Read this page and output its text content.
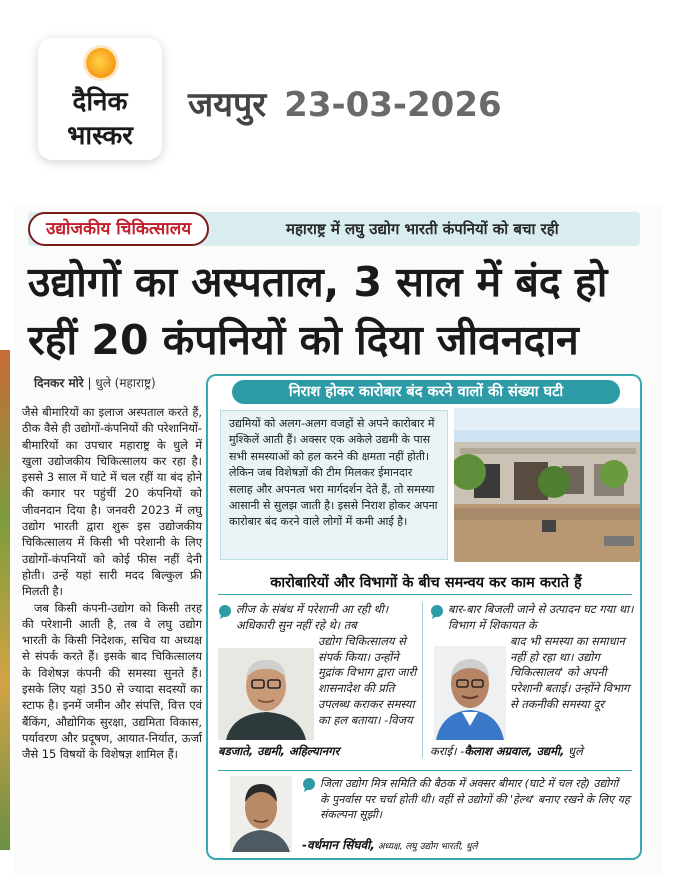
दैनिक
भास्कर
जयपुर 23-03-2026
उद्योजकीय चिकित्सालय	महाराष्ट्र में लघु उद्योग भारती कंपनियों को बचा रही
उद्योगों का अस्पताल, 3 साल में बंद हो
रहीं 20 कंपनियों को दिया जीवनदान
दिनकर मोरे | धुले (महाराष्ट्र)

जैसे बीमारियों का इलाज अस्पताल करते हैं, ठीक वैसे ही उद्योगों-कंपनियों की परेशानियों-बीमारियों का उपचार महाराष्ट्र के धुले में खुला उद्योजकीय चिकित्सालय कर रहा है। इससे 3 साल में घाटे में चल रहीं या बंद होने की कगार पर पहुंचीं 20 कंपनियों को जीवनदान दिया है। जनवरी 2023 में लघु उद्योग भारती द्वारा शुरू इस उद्योजकीय चिकित्सालय में किसी भी परेशानी के लिए उद्योगों-कंपनियों को कोई फीस नहीं देनी होती। उन्हें यहां सारी मदद बिल्कुल फ्री मिलती है।

जब किसी कंपनी-उद्योग को किसी तरह की परेशानी आती है, तब वे लघु उद्योग भारती के किसी निदेशक, सचिव या अध्यक्ष से संपर्क करते हैं। इसके बाद चिकित्सालय के विशेषज्ञ कंपनी की समस्या सुनते हैं। इसके लिए यहां 350 से ज्यादा सदस्यों का स्टाफ है। इनमें जमीन और संपत्ति, वित्त एवं बैंकिंग, औद्योगिक सुरक्षा, उद्यमिता विकास, पर्यावरण और प्रदूषण, आयात-निर्यात, ऊर्जा जैसे 15 विषयों के विशेषज्ञ शामिल हैं।

निराश होकर कारोबार बंद करने वालों की संख्या घटी
उद्यमियों को अलग-अलग वजहों से अपने कारोबार में मुश्किलें आती हैं। अक्सर एक अकेले उद्यमी के पास सभी समस्याओं को हल करने की क्षमता नहीं होती। लेकिन जब विशेषज्ञों की टीम मिलकर ईमानदार सलाह और अपनत्व भरा मार्गदर्शन देते हैं, तो समस्या आसानी से सुलझ जाती है। इससे निराश होकर अपना कारोबार बंद करने वाले लोगों में कमी आई है।
कारोबारियों और विभागों के बीच समन्वय कर काम कराते हैं
लीज के संबंध में परेशानी आ रही थी। अधिकारी सुन नहीं रहे थे। तब
उद्योग चिकित्सालय से संपर्क किया। उन्होंने मुद्रांक विभाग द्वारा जारी शासनादेश की प्रति उपलब्ध कराकर समस्या का हल बताया। -विजय
बडजाते, उद्यमी, अहिल्यानगर
बार-बार बिजली जाने से उत्पादन घट गया था। विभाग में शिकायत के
बाद भी समस्या का समाधान नहीं हो रहा था। उद्योग चिकित्सालय' को अपनी परेशानी बताई। उन्होंने विभाग से तकनीकी समस्या दूर
कराई। -कैलाश अग्रवाल, उद्यमी, धुले
जिला उद्योग मित्र समिति की बैठक में अक्सर बीमार (घाटे में चल रहे) उद्योगों के पुनर्वास पर चर्चा होती थी। वहीं से उद्योगों की 'हेल्थ' बनाए रखने के लिए यह संकल्पना सूझी।
-वर्धमान सिंघवी, अध्यक्ष, लघु उद्योग भारती, धुले
